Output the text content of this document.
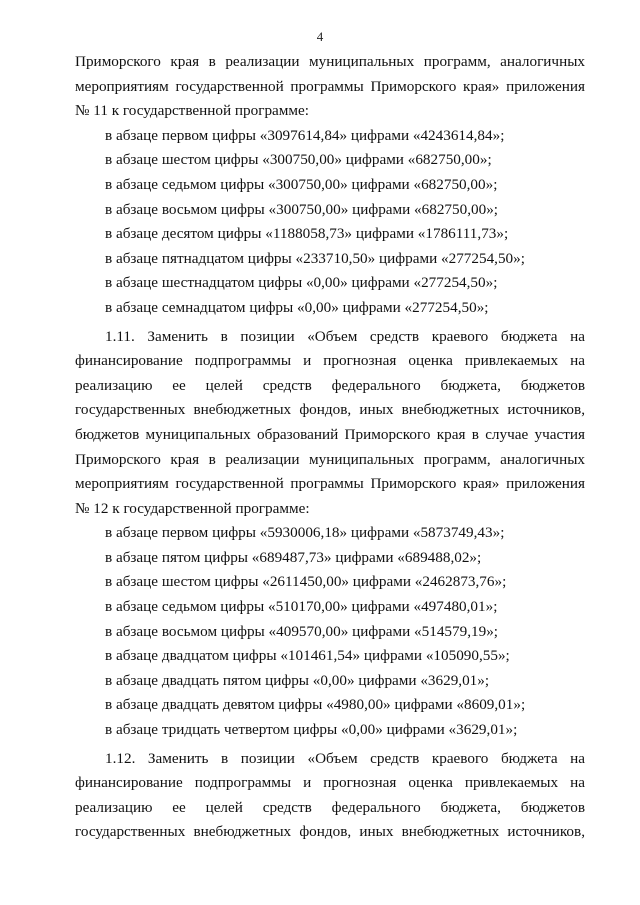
4
Приморского края в реализации муниципальных программ, аналогичных
мероприятиям государственной программы Приморского края» приложения
№ 11 к государственной программе:
в абзаце первом цифры «3097614,84» цифрами «4243614,84»;
в абзаце шестом цифры «300750,00» цифрами «682750,00»;
в абзаце седьмом цифры «300750,00» цифрами «682750,00»;
в абзаце восьмом цифры «300750,00» цифрами «682750,00»;
в абзаце десятом цифры «1188058,73» цифрами «1786111,73»;
в абзаце пятнадцатом цифры «233710,50» цифрами «277254,50»;
в абзаце шестнадцатом цифры «0,00» цифрами «277254,50»;
в абзаце семнадцатом цифры «0,00» цифрами «277254,50»;
1.11. Заменить в позиции «Объем средств краевого бюджета на
финансирование подпрограммы и прогнозная оценка привлекаемых на
реализацию ее целей средств федерального бюджета, бюджетов
государственных внебюджетных фондов, иных внебюджетных источников,
бюджетов муниципальных образований Приморского края в случае участия
Приморского края в реализации муниципальных программ, аналогичных
мероприятиям государственной программы Приморского края» приложения
№ 12 к государственной программе:
в абзаце первом цифры «5930006,18» цифрами «5873749,43»;
в абзаце пятом цифры «689487,73» цифрами «689488,02»;
в абзаце шестом цифры «2611450,00» цифрами «2462873,76»;
в абзаце седьмом цифры «510170,00» цифрами «497480,01»;
в абзаце восьмом цифры «409570,00» цифрами «514579,19»;
в абзаце двадцатом цифры «101461,54» цифрами «105090,55»;
в абзаце двадцать пятом цифры «0,00» цифрами «3629,01»;
в абзаце двадцать девятом цифры «4980,00» цифрами «8609,01»;
в абзаце тридцать четвертом цифры «0,00» цифрами «3629,01»;
1.12. Заменить в позиции «Объем средств краевого бюджета на
финансирование подпрограммы и прогнозная оценка привлекаемых на
реализацию ее целей средств федерального бюджета, бюджетов
государственных внебюджетных фондов, иных внебюджетных источников,
